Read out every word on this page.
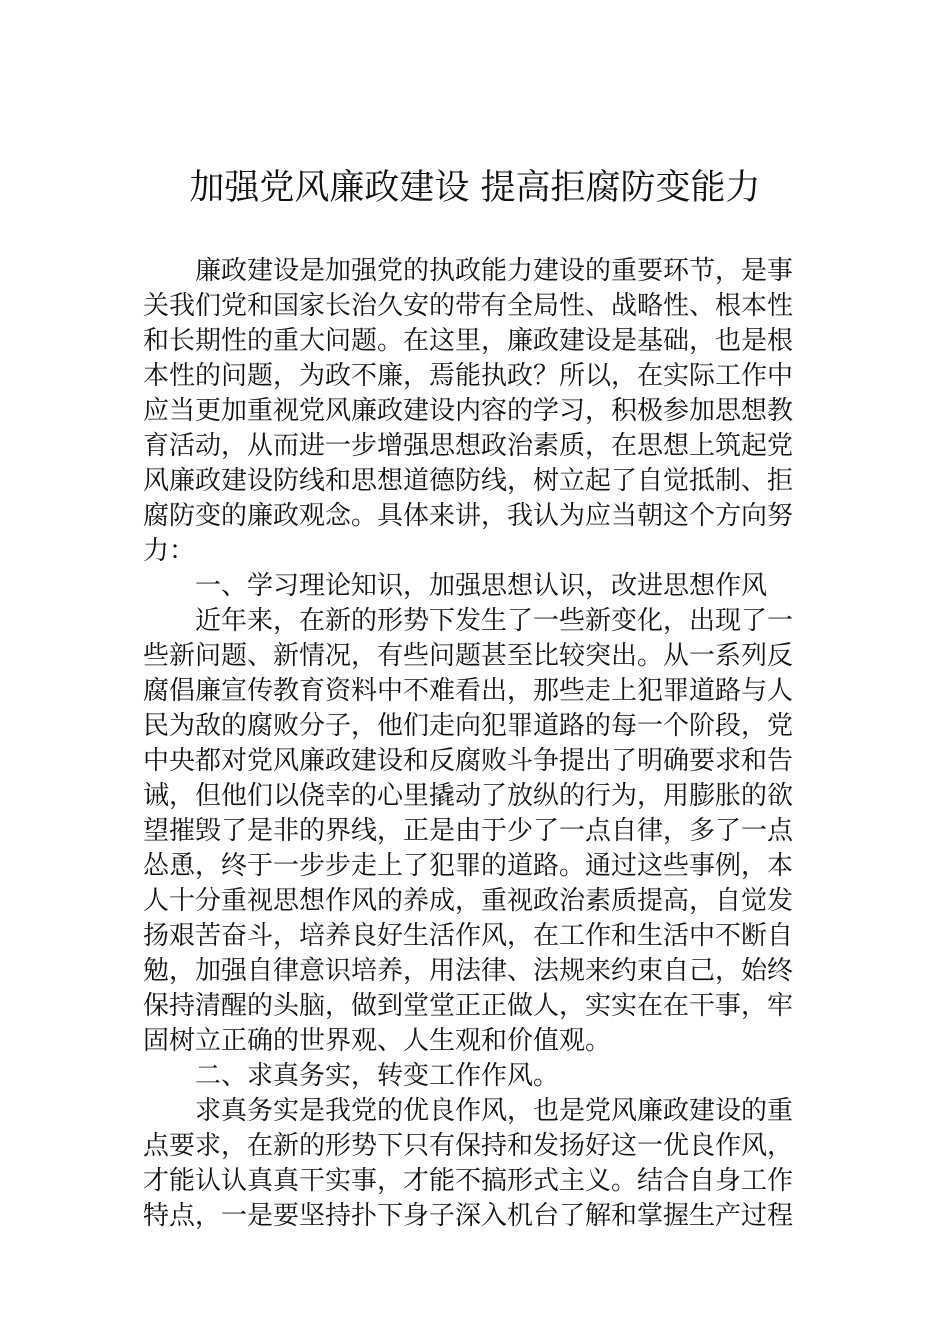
加强党风廉政建设 提高拒腐防变能力
廉政建设是加强党的执政能力建设的重要环节，是事
关我们党和国家长治久安的带有全局性、战略性、根本性
和长期性的重大问题。在这里，廉政建设是基础，也是根
本性的问题，为政不廉，焉能执政？所以，在实际工作中
应当更加重视党风廉政建设内容的学习，积极参加思想教
育活动，从而进一步增强思想政治素质，在思想上筑起党
风廉政建设防线和思想道德防线，树立起了自觉抵制、拒
腐防变的廉政观念。具体来讲，我认为应当朝这个方向努
力：
一、学习理论知识，加强思想认识，改进思想作风
近年来，在新的形势下发生了一些新变化，出现了一
些新问题、新情况，有些问题甚至比较突出。从一系列反
腐倡廉宣传教育资料中不难看出，那些走上犯罪道路与人
民为敌的腐败分子，他们走向犯罪道路的每一个阶段，党
中央都对党风廉政建设和反腐败斗争提出了明确要求和告
诫，但他们以侥幸的心里撬动了放纵的行为，用膨胀的欲
望摧毁了是非的界线，正是由于少了一点自律，多了一点
怂恿，终于一步步走上了犯罪的道路。通过这些事例，本
人十分重视思想作风的养成，重视政治素质提高，自觉发
扬艰苦奋斗，培养良好生活作风，在工作和生活中不断自
勉，加强自律意识培养，用法律、法规来约束自己，始终
保持清醒的头脑，做到堂堂正正做人，实实在在干事，牢
固树立正确的世界观、人生观和价值观。
二、求真务实，转变工作作风。
求真务实是我党的优良作风，也是党风廉政建设的重
点要求，在新的形势下只有保持和发扬好这一优良作风，
才能认认真真干实事，才能不搞形式主义。结合自身工作
特点，一是要坚持扑下身子深入机台了解和掌握生产过程
